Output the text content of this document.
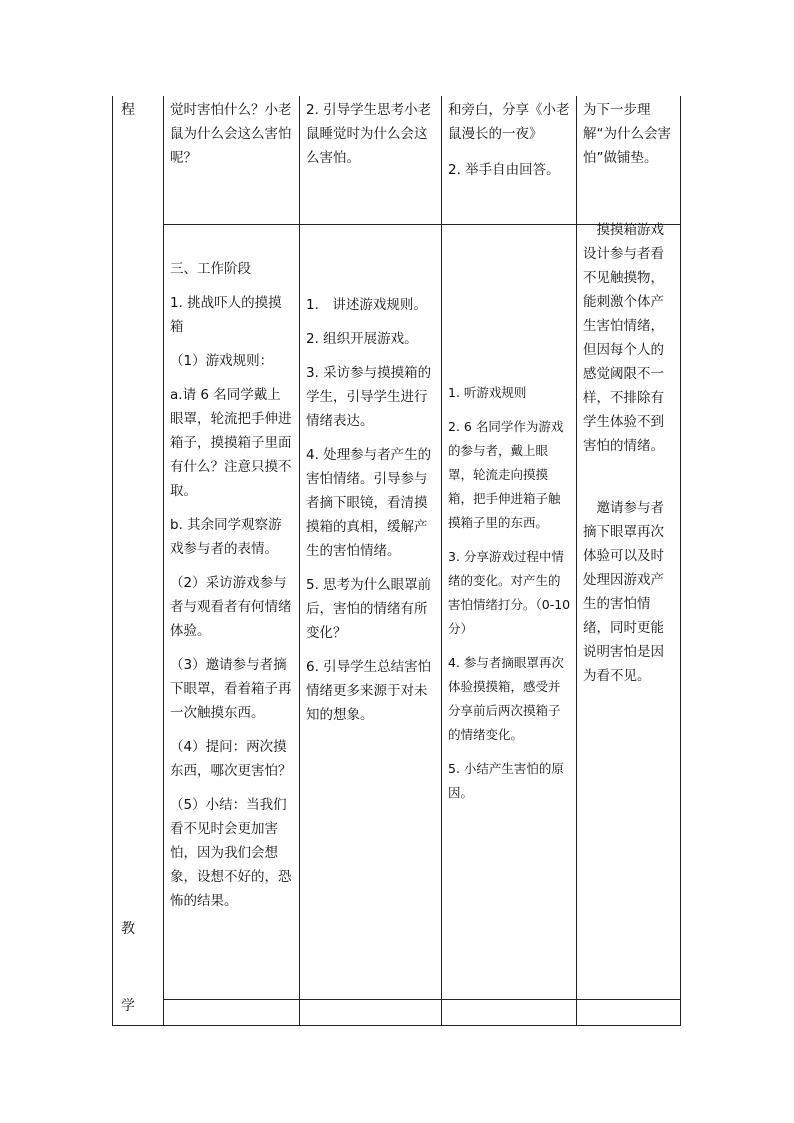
程
教
学

觉时害怕什么？小老鼠为什么会这么害怕呢？

2. 引导学生思考小老鼠睡觉时为什么会这么害怕。

和旁白，分享《小老鼠漫长的一夜》

2. 举手自由回答。

为下一步理解“为什么会害怕”做铺垫。

三、工作阶段

1. 挑战吓人的摸摸箱

（1）游戏规则：

a.请 6 名同学戴上眼罩，轮流把手伸进箱子，摸摸箱子里面有什么？注意只摸不取。

b. 其余同学观察游戏参与者的表情。

（2）采访游戏参与者与观看者有何情绪体验。

（3）邀请参与者摘下眼罩，看着箱子再一次触摸东西。

（4）提问：两次摸东西，哪次更害怕？

（5）小结：当我们看不见时会更加害怕，因为我们会想象，设想不好的，恐怖的结果。

1.　讲述游戏规则。

2. 组织开展游戏。

3. 采访参与摸摸箱的学生，引导学生进行情绪表达。

4. 处理参与者产生的害怕情绪。引导参与者摘下眼镜，看清摸摸箱的真相，缓解产生的害怕情绪。

5. 思考为什么眼罩前后，害怕的情绪有所变化？

6. 引导学生总结害怕情绪更多来源于对未知的想象。

1. 听游戏规则

2. 6 名同学作为游戏的参与者，戴上眼罩，轮流走向摸摸箱，把手伸进箱子触摸箱子里的东西。

3. 分享游戏过程中情绪的变化。对产生的害怕情绪打分。（0-10 分）

4. 参与者摘眼罩再次体验摸摸箱，感受并分享前后两次摸箱子的情绪变化。

5. 小结产生害怕的原因。

　摸摸箱游戏设计参与者看不见触摸物，能刺激个体产生害怕情绪，但因每个人的感觉阈限不一样，不排除有学生体验不到害怕的情绪。

　邀请参与者摘下眼罩再次体验可以及时处理因游戏产生的害怕情绪，同时更能说明害怕是因为看不见。
